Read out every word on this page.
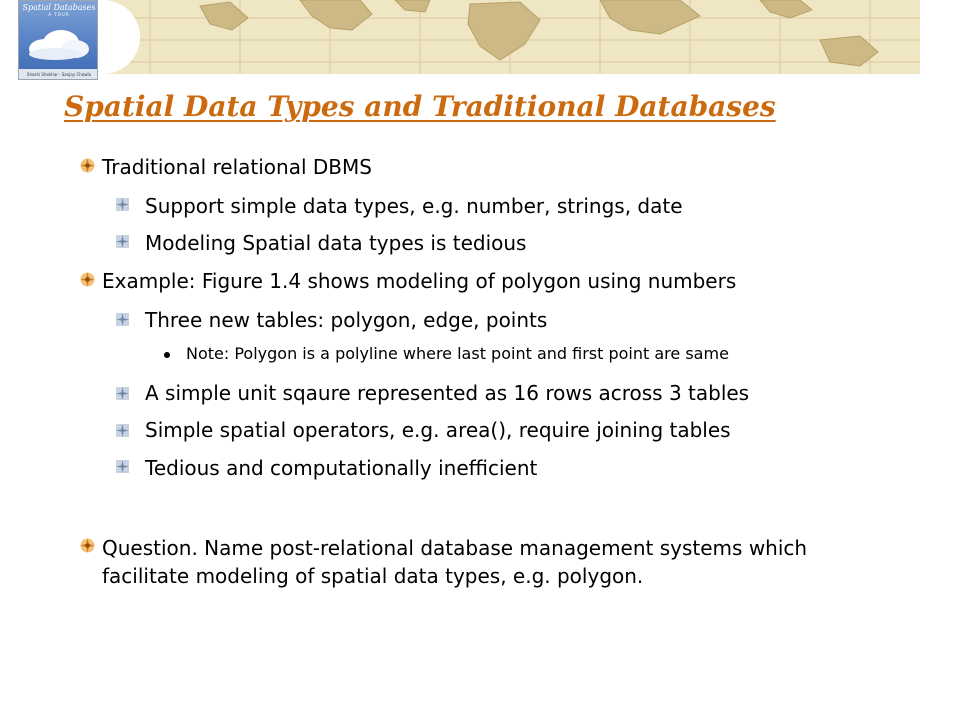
Spatial Databases
A TOUR
Shashi Shekhar · Sanjay Chawla
Spatial Data Types and Traditional Databases
Traditional relational DBMS
Support simple data types, e.g. number, strings, date
Modeling Spatial data types is tedious
Example: Figure 1.4 shows modeling of polygon using numbers
Three new tables: polygon, edge, points
Note: Polygon is a polyline where last point and first point are same
A simple unit sqaure represented as 16 rows across 3 tables
Simple spatial operators, e.g. area(), require joining tables
Tedious and computationally inefficient
Question. Name post-relational database management systems which facilitate modeling of spatial data types, e.g. polygon.
